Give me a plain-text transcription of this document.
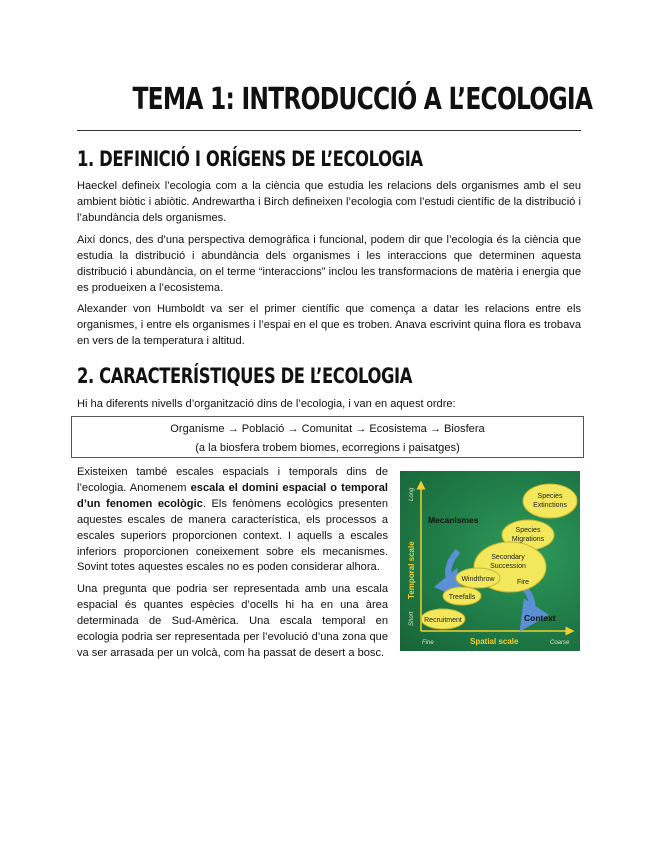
TEMA 1: INTRODUCCIÓ A L’ECOLOGIA
1. DEFINICIÓ I ORÍGENS DE L’ECOLOGIA

Haeckel defineix l’ecologia com a la ciència que estudia les relacions dels organismes amb el seu ambient biòtic i abiòtic. Andrewartha i Birch defineixen l’ecologia com l’estudi científic de la distribució i l’abundància dels organismes.

Així doncs, des d’una perspectiva demogràfica i funcional, podem dir que l’ecologia és la ciència que estudia la distribució i abundància dels organismes i les interaccions que determinen aquesta distribució i abundància, on el terme “interaccions” inclou les transformacions de matèria i energia que es produeixen a l’ecosistema.

Alexander von Humboldt va ser el primer científic que comença a datar les relacions entre els organismes, i entre els organismes i l’espai en el que es troben. Anava escrivint quina flora es trobava en vers de la temperatura i altitud.

2. CARACTERÍSTIQUES DE L’ECOLOGIA

Hi ha diferents nivells d’organització dins de l’ecologia, i van en aquest ordre:

Organisme → Població → Comunitat → Ecosistema → Biosfera
(a la biosfera trobem biomes, ecorregions i paisatges)

Existeixen també escales espacials i temporals dins de l’ecologia. Anomenem escala el domini espacial o temporal d’un fenomen ecològic. Els fenòmens ecològics presenten aquestes escales de manera característica, els processos a escales superiors proporcionen context. I aquells a escales inferiors proporcionen coneixement sobre els mecanismes. Sovint totes aquestes escales no es poden considerar alhora.

Una pregunta que podria ser representada amb una escala espacial és quantes espècies d’ocells hi ha en una àrea determinada de Sud-Amèrica. Una escala temporal en ecologia podria ser representada per l’evolució d’una zona que va ser arrasada per un volcà, com ha passat de desert a bosc.

Species
Extinctions
Species
Migrations
Secondary
Succession
Fire
Windthrow
Treefalls
Recruitment
Mecanismes
Context
Temporal scale
Long
Short
Spatial scale
Fine	Coarse
